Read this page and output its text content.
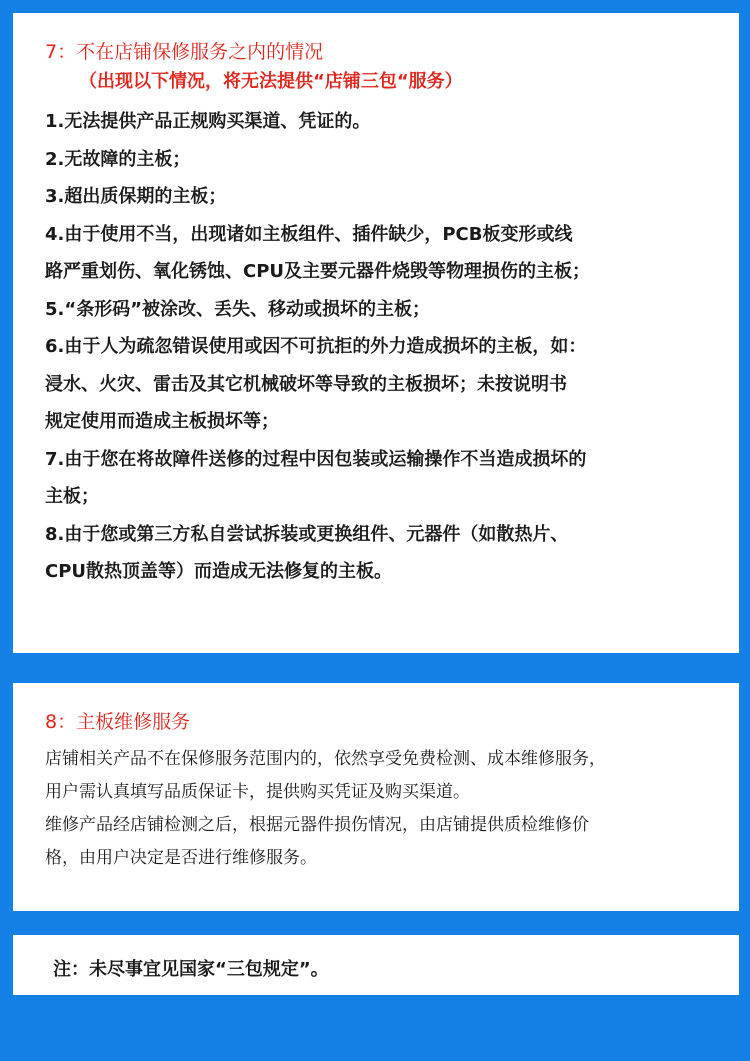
7：不在店铺保修服务之内的情况
（出现以下情况，将无法提供“店铺三包“服务）
1.无法提供产品正规购买渠道、凭证的。
2.无故障的主板；
3.超出质保期的主板；
4.由于使用不当，出现诸如主板组件、插件缺少，PCB板变形或线
路严重划伤、氧化锈蚀、CPU及主要元器件烧毁等物理损伤的主板；
5.“条形码”被涂改、丢失、移动或损坏的主板；
6.由于人为疏忽错误使用或因不可抗拒的外力造成损坏的主板，如：
浸水、火灾、雷击及其它机械破坏等导致的主板损坏；未按说明书
规定使用而造成主板损坏等；
7.由于您在将故障件送修的过程中因包装或运输操作不当造成损坏的
主板；
8.由于您或第三方私自尝试拆装或更换组件、元器件（如散热片、
CPU散热顶盖等）而造成无法修复的主板。
8：主板维修服务
店铺相关产品不在保修服务范围内的，依然享受免费检测、成本维修服务，
用户需认真填写品质保证卡，提供购买凭证及购买渠道。
维修产品经店铺检测之后，根据元器件损伤情况，由店铺提供质检维修价
格，由用户决定是否进行维修服务。
注：未尽事宜见国家“三包规定”。
